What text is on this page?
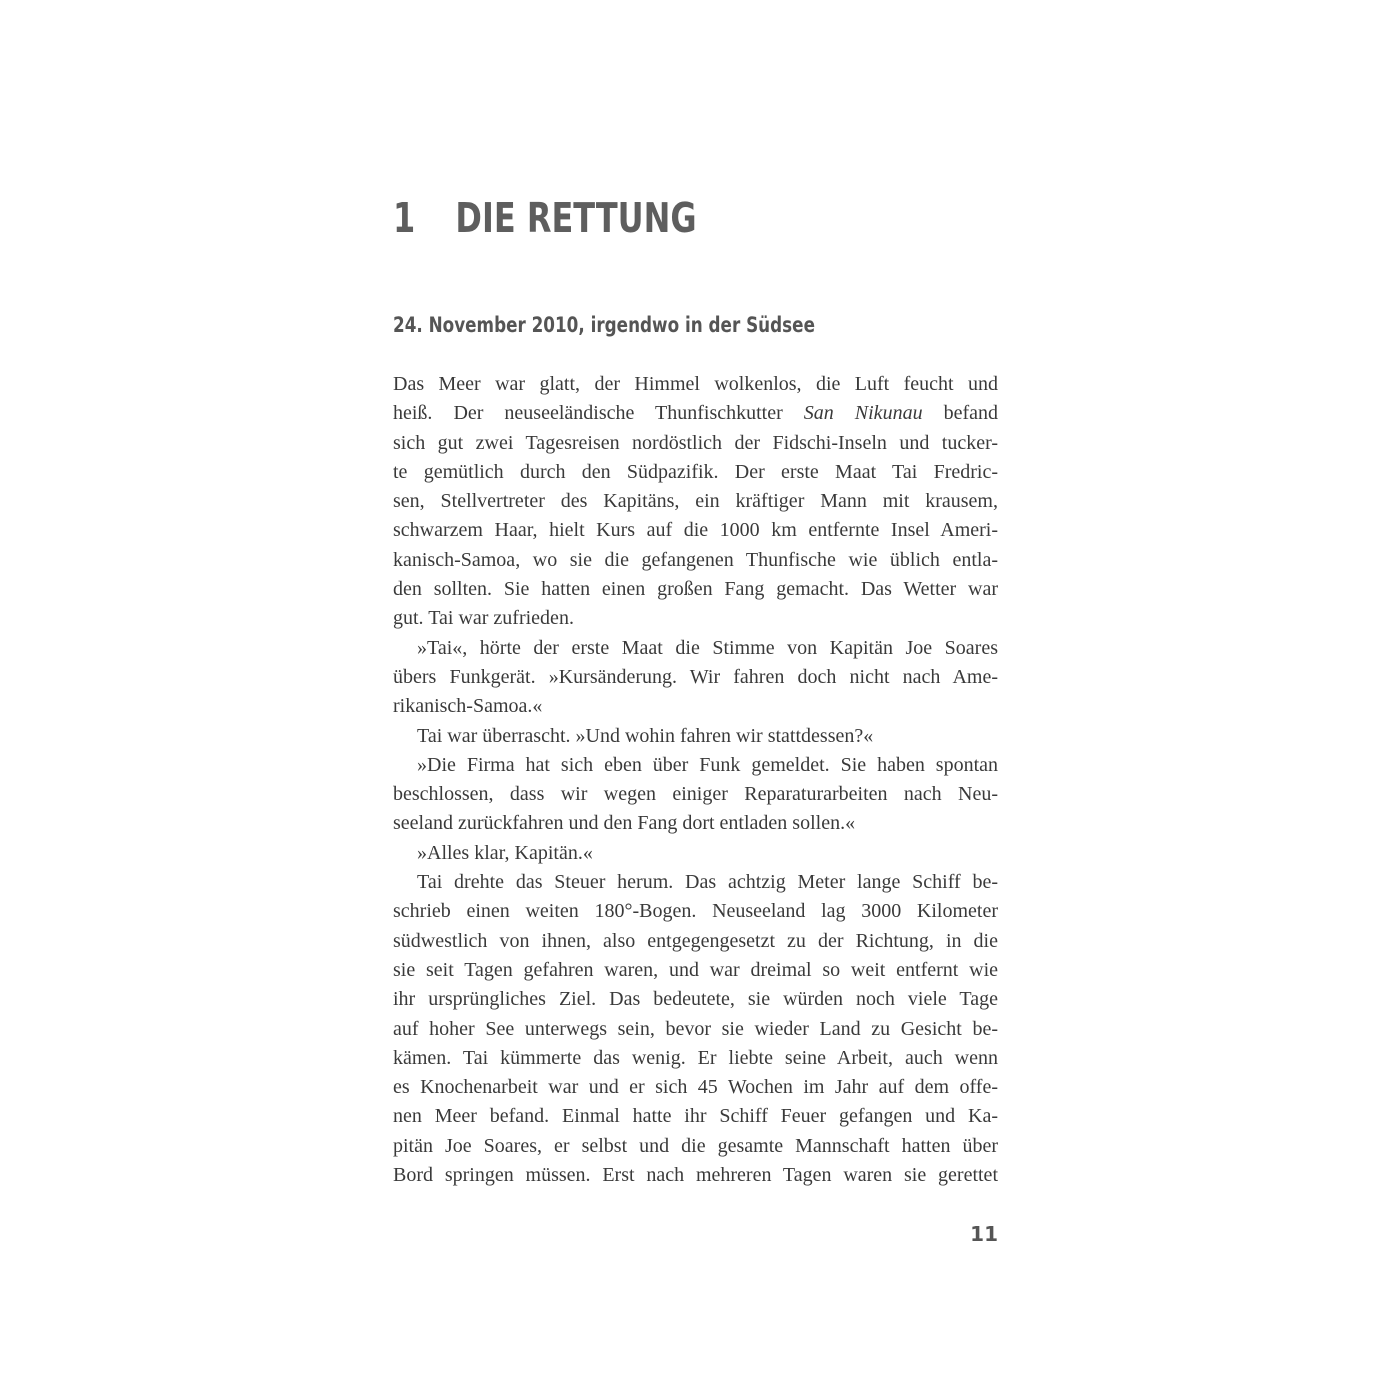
1 DIE RETTUNG
24. November 2010, irgendwo in der Südsee
Das Meer war glatt, der Himmel wolkenlos, die Luft feucht und
heiß. Der neuseeländische Thunfischkutter San Nikunau befand
sich gut zwei Tagesreisen nordöstlich der Fidschi-Inseln und tucker-
te gemütlich durch den Südpazifik. Der erste Maat Tai Fredric-
sen, Stellvertreter des Kapitäns, ein kräftiger Mann mit krausem,
schwarzem Haar, hielt Kurs auf die 1000 km entfernte Insel Ameri-
kanisch-Samoa, wo sie die gefangenen Thunfische wie üblich entla-
den sollten. Sie hatten einen großen Fang gemacht. Das Wetter war
gut. Tai war zufrieden.
»Tai«, hörte der erste Maat die Stimme von Kapitän Joe Soares
übers Funkgerät. »Kursänderung. Wir fahren doch nicht nach Ame-
rikanisch-Samoa.«
Tai war überrascht. »Und wohin fahren wir stattdessen?«
»Die Firma hat sich eben über Funk gemeldet. Sie haben spontan
beschlossen, dass wir wegen einiger Reparaturarbeiten nach Neu-
seeland zurückfahren und den Fang dort entladen sollen.«
»Alles klar, Kapitän.«
Tai drehte das Steuer herum. Das achtzig Meter lange Schiff be-
schrieb einen weiten 180°-Bogen. Neuseeland lag 3000 Kilometer
südwestlich von ihnen, also entgegengesetzt zu der Richtung, in die
sie seit Tagen gefahren waren, und war dreimal so weit entfernt wie
ihr ursprüngliches Ziel. Das bedeutete, sie würden noch viele Tage
auf hoher See unterwegs sein, bevor sie wieder Land zu Gesicht be-
kämen. Tai kümmerte das wenig. Er liebte seine Arbeit, auch wenn
es Knochenarbeit war und er sich 45 Wochen im Jahr auf dem offe-
nen Meer befand. Einmal hatte ihr Schiff Feuer gefangen und Ka-
pitän Joe Soares, er selbst und die gesamte Mannschaft hatten über
Bord springen müssen. Erst nach mehreren Tagen waren sie gerettet
11
